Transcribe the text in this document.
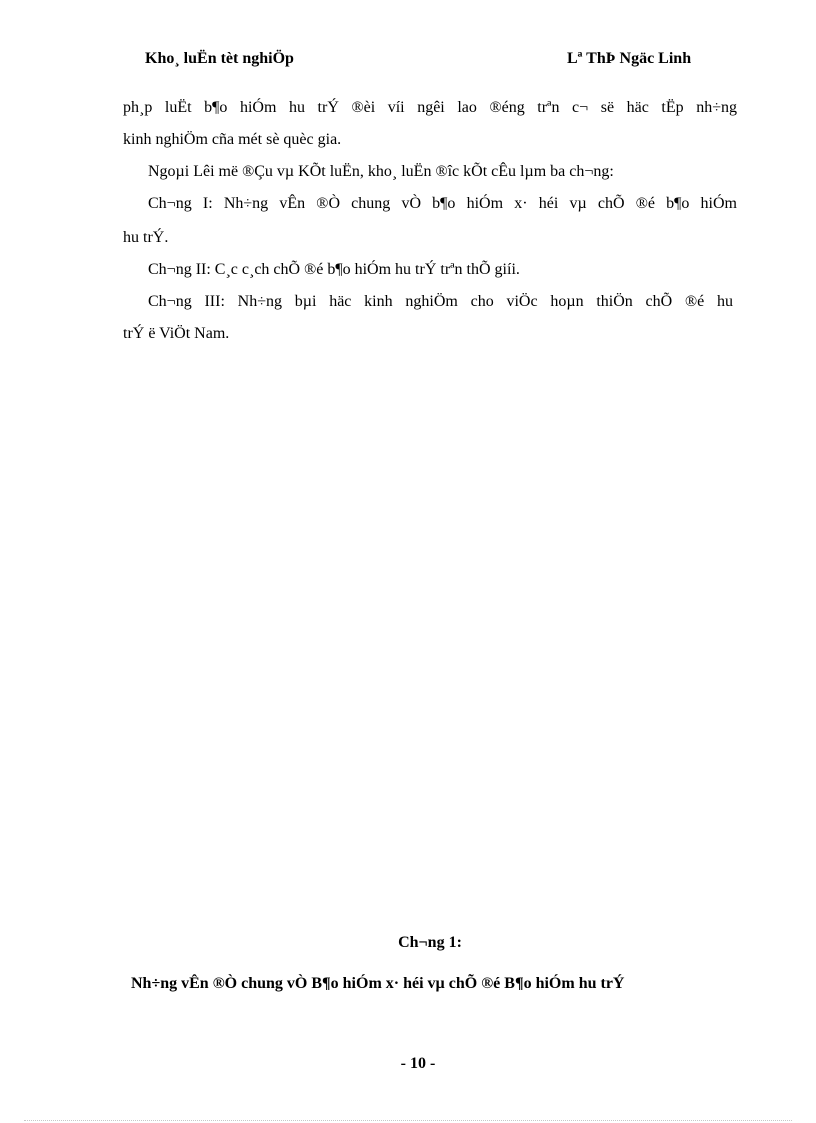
Kho¸ luËn tèt nghiÖp	Lª ThÞ Ngäc Linh
ph¸p luËt b¶o hiÓm hu trÝ ®èi víi ngêi lao ®éng trªn c¬ së häc tËp nh÷ng
kinh nghiÖm cña mét sè quèc gia.
Ngoµi Lêi më ®Çu vµ KÕt luËn, kho¸ luËn ®îc kÕt cÊu lµm ba ch¬ng:
Ch¬ng I: Nh÷ng vÊn ®Ò chung vÒ b¶o hiÓm x· héi vµ chÕ ®é b¶o hiÓm
hu trÝ.
Ch¬ng II: C¸c c¸ch chÕ ®é b¶o hiÓm hu trÝ trªn thÕ giíi.
Ch¬ng III: Nh÷ng bµi häc kinh nghiÖm cho viÖc hoµn thiÖn chÕ ®é hu
trÝ ë ViÖt Nam.
Ch¬ng 1:
Nh÷ng vÊn ®Ò chung vÒ B¶o hiÓm x· héi vµ chÕ ®é B¶o hiÓm hu trÝ
- 10 -
